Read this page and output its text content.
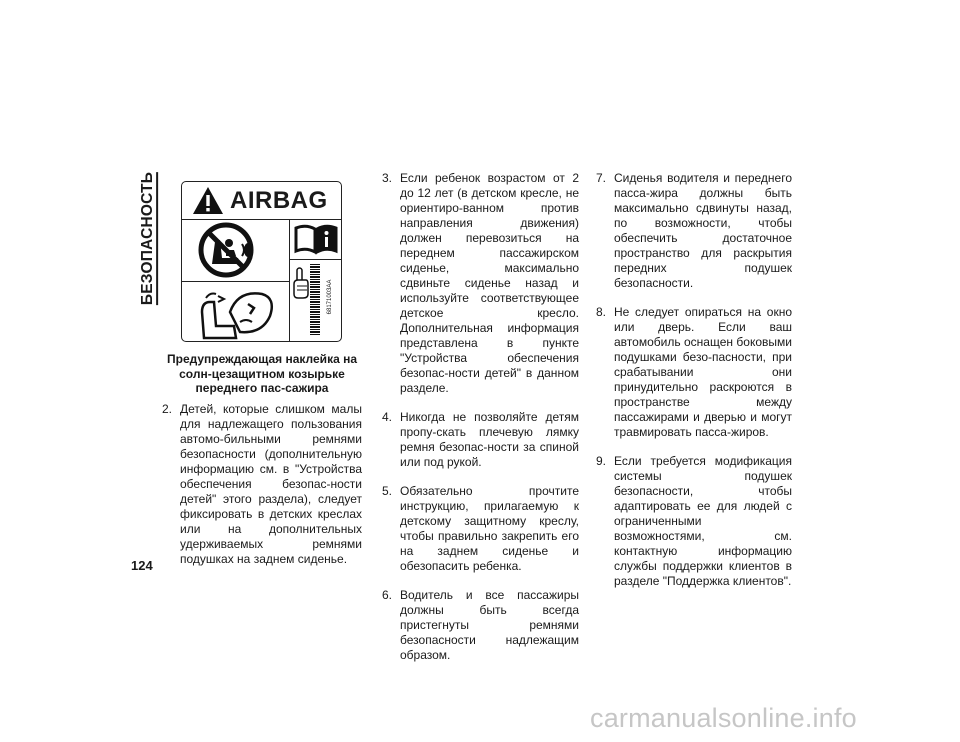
БЕЗОПАСНОСТЬ	AIRBAG
68171003AA

Предупреждающая наклейка на солн-цезащитном козырьке переднего пас-сажира

2. Детей, которые слишком малы для надлежащего пользования автомо-бильными ремнями безопасности (дополнительную информацию см. в "Устройства обеспечения безопас-ности детей" этого раздела), следует фиксировать в детских креслах или на дополнительных удерживаемых ремнями подушках на заднем сиденье.
3. Если ребенок возрастом от 2 до 12 лет (в детском кресле, не ориентиро-ванном против направления движения) должен перевозиться на переднем пассажирском сиденье, максимально сдвиньте сиденье назад и используйте соответствующее детское кресло. Дополнительная информация представлена в пункте "Устройства обеспечения безопас-ности детей" в данном разделе.
4. Никогда не позволяйте детям пропу-скать плечевую лямку ремня безопас-ности за спиной или под рукой.
5. Обязательно прочтите инструкцию, прилагаемую к детскому защитному креслу, чтобы правильно закрепить его на заднем сиденье и обезопасить ребенка.
6. Водитель и все пассажиры должны быть всегда пристегнуты ремнями безопасности надлежащим образом.
7. Сиденья водителя и переднего пасса-жира должны быть максимально сдвинуты назад, по возможности, чтобы обеспечить достаточное пространство для раскрытия передних подушек безопасности.
8. Не следует опираться на окно или дверь. Если ваш автомобиль оснащен боковыми подушками безо-пасности, при срабатывании они принудительно раскроются в пространстве между пассажирами и дверью и могут травмировать пасса-жиров.
9. Если требуется модификация системы подушек безопасности, чтобы адаптировать ее для людей с ограниченными возможностями, см. контактную информацию службы поддержки клиентов в разделе "Поддержка клиентов".
124
carmanualsonline.info
